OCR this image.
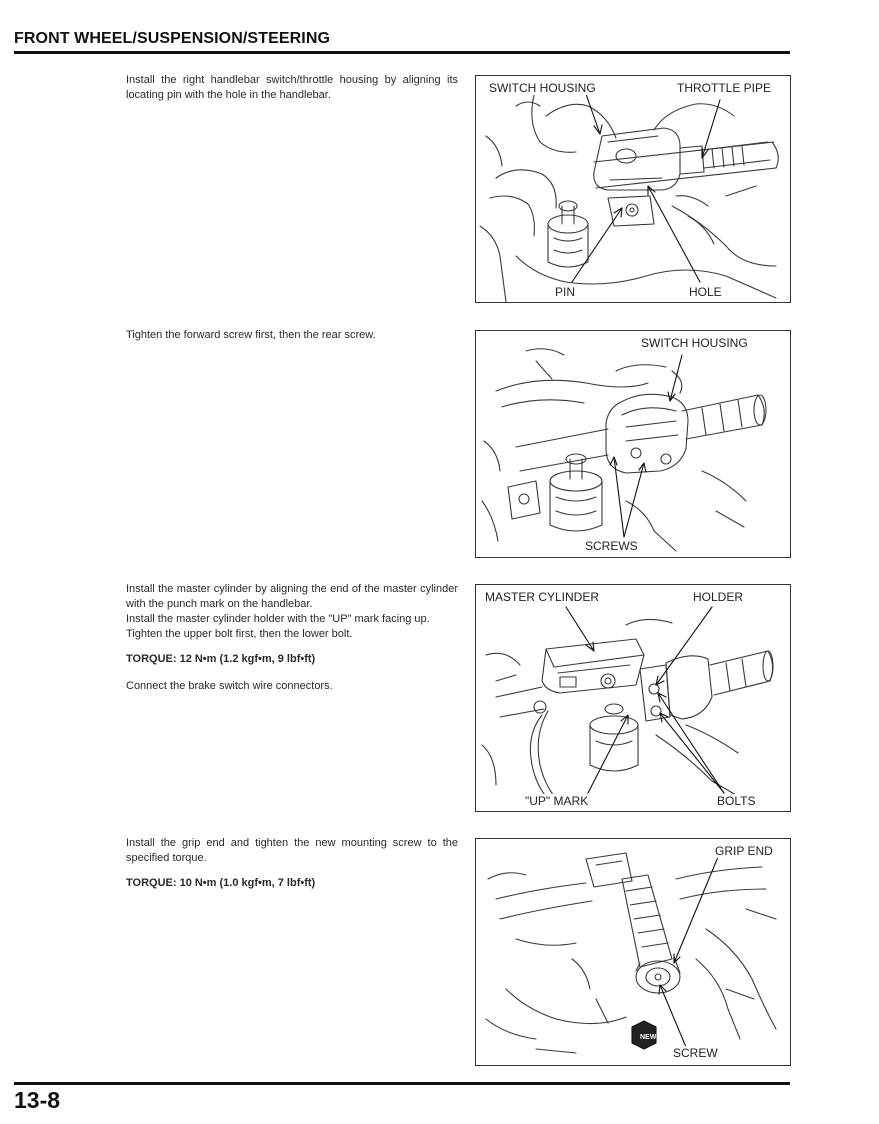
FRONT WHEEL/SUSPENSION/STEERING

Install the right handlebar switch/throttle housing by aligning its locating pin with the hole in the handlebar.	SWITCH HOUSING	THROTTLE PIPE
PIN	HOLE

Tighten the forward screw first, then the rear screw.

SWITCH HOUSING
SCREWS

Install the master cylinder by aligning the end of the master cylinder with the punch mark on the handlebar.

Install the master cylinder holder with the "UP" mark facing up.

Tighten the upper bolt first, then the lower bolt.

TORQUE: 12 N•m (1.2 kgf•m, 9 lbf•ft)

Connect the brake switch wire connectors.

MASTER CYLINDER	HOLDER
"UP" MARK	BOLTS

Install the grip end and tighten the new mounting screw to the specified torque.

TORQUE: 10 N•m (1.0 kgf•m, 7 lbf•ft)

NEW
GRIP END
SCREW
13-8
